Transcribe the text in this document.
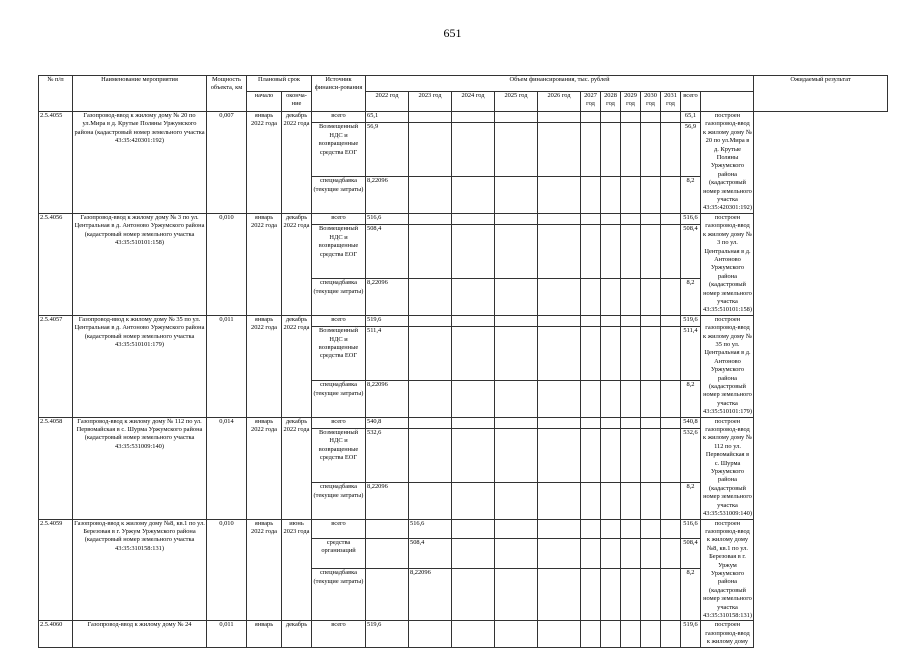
651
№ п/п	Наименование мероприятия	Мощность объекта, км	Плановый срок		Источник финанси-рования	Объем финансирования, тыс. рублей												Ожидаемый результат
			начало	оконча-ние		2022 год	2023 год	2024 год	2025 год	2026 год	2027 год	2028 год	2029 год	2030 год	2031 год	всего		
2.5.4055	Газопровод-ввод к жилому дому № 20 по ул.Мира в д. Крутые Поляны Уржумского района (кадастровый номер земельного участка 43:35:420301:192)	0,007	январь 2022 года	декабрь 2022 года	всего	65,1										65,1	построен газопровод-ввод к жилому дому № 20 по ул.Мира в д. Крутые Поляны Уржумского района (кадастровый номер земельного участка 43:35:420301:192)	
					Возмещенный НДС и возвращенные средства ЕОГ	56,9										56,9		
					спецнадбавка (текущие затраты)	8,22096										8,2		
2.5.4056	Газопровод-ввод к жилому дому № 3 по ул. Центральная в д. Антоново Уржумского района (кадастровый номер земельного участка 43:35:510101:158)	0,010	январь 2022 года	декабрь 2022 года	всего	516,6										516,6	построен газопровод-ввод к жилому дому № 3 по ул. Центральная в д. Антоново Уржумского района (кадастровый номер земельного участка 43:35:510101:158)	
					Возмещенный НДС и возвращенные средства ЕОГ	508,4										508,4		
					спецнадбавка (текущие затраты)	8,22096										8,2		
2.5.4057	Газопровод-ввод к жилому дому № 35 по ул. Центральная в д. Антоново Уржумского района (кадастровый номер земельного участка 43:35:510101:179)	0,011	январь 2022 года	декабрь 2022 года	всего	519,6										519,6	построен газопровод-ввод к жилому дому № 35 по ул. Центральная в д. Антоново Уржумского района (кадастровый номер земельного участка 43:35:510101:179)	
					Возмещенный НДС и возвращенные средства ЕОГ	511,4										511,4		
					спецнадбавка (текущие затраты)	8,22096										8,2		
2.5.4058	Газопровод-ввод к жилому дому № 112 по ул. Первомайская в с. Шурма Уржумского района (кадастровый номер земельного участка 43:35:531009:140)	0,014	январь 2022 года	декабрь 2022 года	всего	540,8										540,8	построен газопровод-ввод к жилому дому № 112 по ул. Первомайская в с. Шурма Уржумского района (кадастровый номер земельного участка 43:35:531009:140)	
					Возмещенный НДС и возвращенные средства ЕОГ	532,6										532,6		
					спецнадбавка (текущие затраты)	8,22096										8,2		
2.5.4059	Газопровод-ввод к жилому дому №8, кв.1 по ул. Березовая в г. Уржум Уржумского района (кадастровый номер земельного участка 43:35:310158:131)	0,010	январь 2022 года	июнь 2023 года	всего		516,6									516,6	построен газопровод-ввод к жилому дому №8, кв.1 по ул. Березовая в г. Уржум Уржумского района (кадастровый номер земельного участка 43:35:310158:131)	
					средства организаций		508,4									508,4		
					спецнадбавка (текущие затраты)		8,22096									8,2		
2.5.4060	Газопровод-ввод к жилому дому № 24	0,011	январь	декабрь	всего	519,6										519,6	построен газопровод-ввод к жилому дому	
